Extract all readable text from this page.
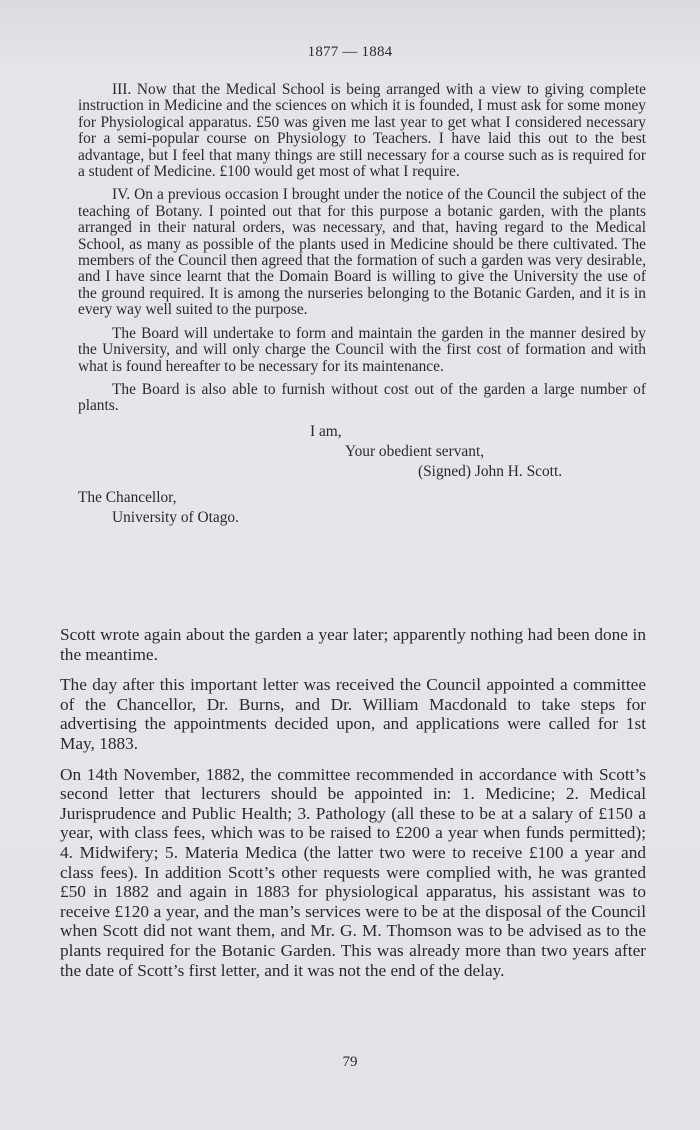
1877 — 1884

III. Now that the Medical School is being arranged with a view to giving complete instruction in Medicine and the sciences on which it is founded, I must ask for some money for Physiological apparatus. £50 was given me last year to get what I considered necessary for a semi-popular course on Physiology to Teachers. I have laid this out to the best advantage, but I feel that many things are still necessary for a course such as is required for a student of Medicine. £100 would get most of what I require.

IV. On a previous occasion I brought under the notice of the Council the subject of the teaching of Botany. I pointed out that for this purpose a botanic garden, with the plants arranged in their natural orders, was necessary, and that, having regard to the Medical School, as many as possible of the plants used in Medicine should be there cultivated. The members of the Council then agreed that the formation of such a garden was very desirable, and I have since learnt that the Domain Board is willing to give the University the use of the ground required. It is among the nurseries belonging to the Botanic Garden, and it is in every way well suited to the purpose.

The Board will undertake to form and maintain the garden in the manner desired by the University, and will only charge the Council with the first cost of formation and with what is found hereafter to be necessary for its maintenance.

The Board is also able to furnish without cost out of the garden a large number of plants.

I am,
Your obedient servant,
(Signed) John H. Scott.
The Chancellor,
University of Otago.

Scott wrote again about the garden a year later; apparently nothing had been done in the meantime.

The day after this important letter was received the Council appointed a committee of the Chancellor, Dr. Burns, and Dr. William Macdonald to take steps for advertising the appointments decided upon, and applications were called for 1st May, 1883.

On 14th November, 1882, the committee recommended in accordance with Scott’s second letter that lecturers should be appointed in: 1. Medicine; 2. Medical Jurisprudence and Public Health; 3. Pathology (all these to be at a salary of £150 a year, with class fees, which was to be raised to £200 a year when funds permitted); 4. Midwifery; 5. Materia Medica (the latter two were to receive £100 a year and class fees). In addition Scott’s other requests were complied with, he was granted £50 in 1882 and again in 1883 for physiological apparatus, his assistant was to receive £120 a year, and the man’s services were to be at the disposal of the Council when Scott did not want them, and Mr. G. M. Thomson was to be advised as to the plants required for the Botanic Garden. This was already more than two years after the date of Scott’s first letter, and it was not the end of the delay.

79
